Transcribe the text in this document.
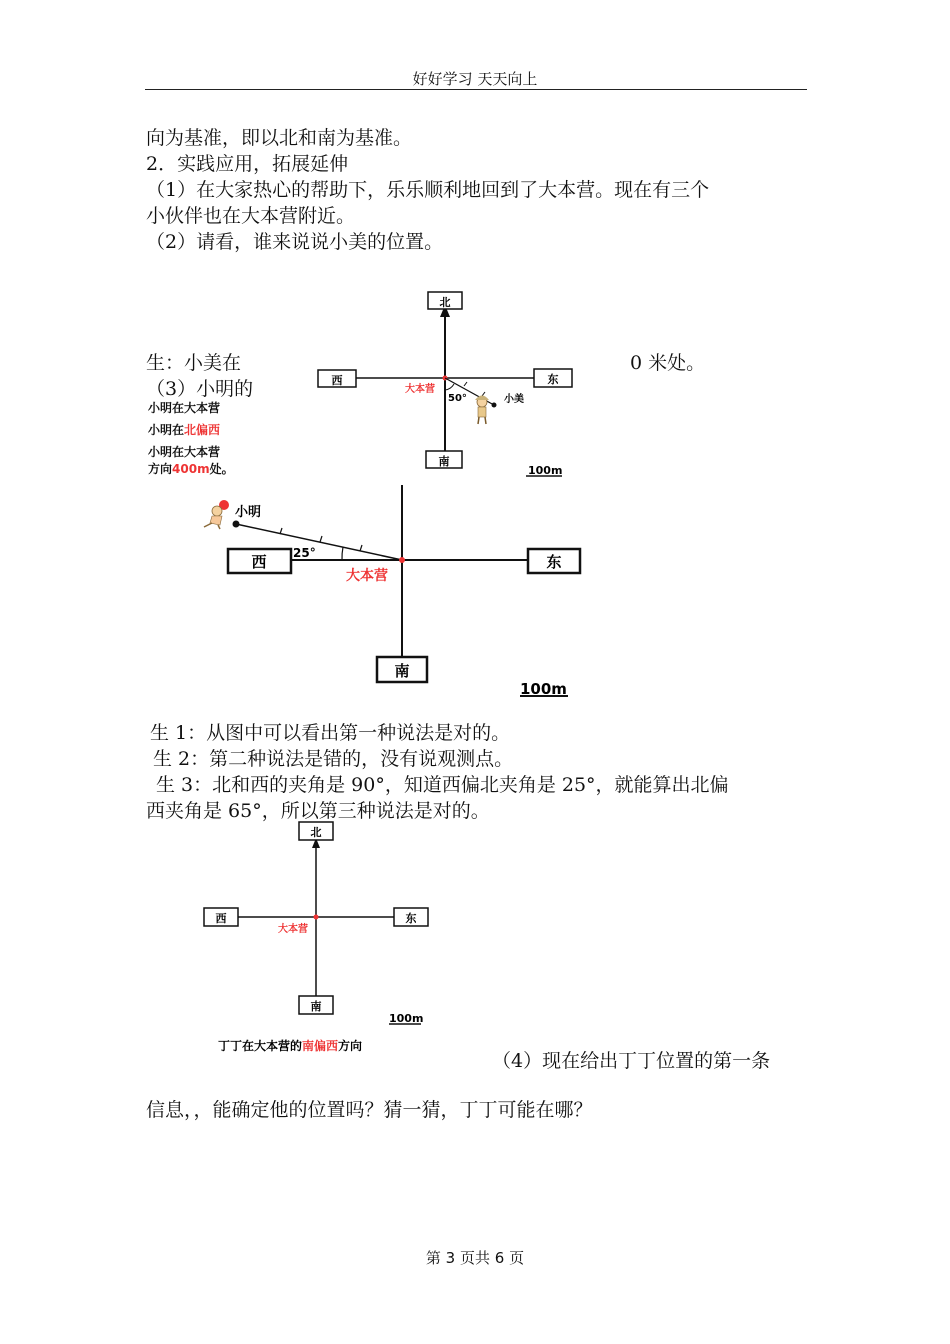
好好学习 天天向上
向为基准，即以北和南为基准。
2．实践应用，拓展延伸
（1）在大家热心的帮助下，乐乐顺利地回到了大本营。现在有三个
小伙伴也在大本营附近。
（2）请看，谁来说说小美的位置。
生：小美在	0 米处。
（3）小明的
小明在大本营
小明在北偏西
小明在大本营
方向400m处。
北
西	东
南
大本营
50°	小美
100m
西	东
南
25°
大本营
小明
100m
生 1：从图中可以看出第一种说法是对的。
生 2：第二种说法是错的，没有说观测点。
生 3：北和西的夹角是 90°，知道西偏北夹角是 25°，就能算出北偏
西夹角是 65°，所以第三种说法是对的。
北
西	东
南
大本营
100m
丁丁在大本营的南偏西方向
（4）现在给出丁丁位置的第一条
信息，，能确定他的位置吗？猜一猜，丁丁可能在哪？
第 3 页共 6 页
